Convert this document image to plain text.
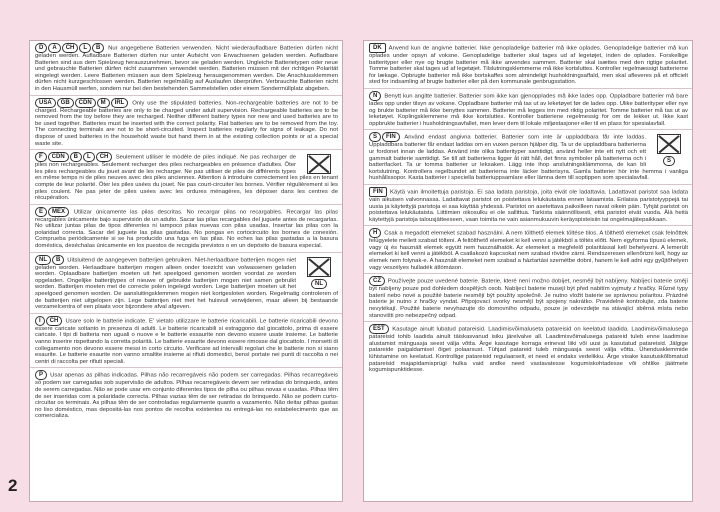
D A CH L B Nur angegebene Batterien verwenden. Nicht wiederaufladbare Batterien dürfen nicht geladen werden. Aufladbare Batterien dürfen nur unter Aufsicht von Erwachsenen geladen werden. Aufladbare Batterien sind aus dem Spielzeug herauszunehmen, bevor sie geladen werden. Ungleiche Batterietypen oder neue und gebrauchte Batterien dürfen nicht zusammen verwendet werden. Batterien müssen mit der richtigen Polarität eingelegt werden. Leere Batterien müssen aus dem Spielzeug herausgenommen werden. Die Anschlussklemmen dürfen nicht kurzgeschlossen werden. Batterien regelmäßig auf Auslaufen überprüfen. Verbrauchte Batterien nicht in den Hausmüll werfen, sondern nur bei den bestehenden Sammelstellen oder einem Sondermüllplatz abgeben.
USA GB CDN M IRL Only use the stipulated batteries. Non-rechargeable batteries are not to be charged. Rechargeable batteries are only to be charged under adult supervision. Rechargeable batteries are to be removed from the toy before they are recharged. Neither different battery types nor new and used batteries are to be used together. Batteries must be inserted with the correct polarity. Flat batteries are to be removed from the toy. The connecting terminals are not to be short-circuited. Inspect batteries regularly for signs of leakage. Do not dispose of used batteries in the household waste but hand them in at the existing collection points or at a special waste site.
F CDN B L CH Seulement utiliser le modèle de piles indiqué. Ne pas recharger de piles non rechargeables. Seulement recharger des piles rechargeables en présence d'adultes. Ôter les piles rechargeables du jouet avant de les recharger. Ne pas utiliser de piles de différents types en même temps ni de piles neuves avec des piles anciennes. Attention à introduire correctement les piles en tenant compte de leur polarité. Ôter les piles usées du jouet. Ne pas court-circuiter les bornes. Vérifier régulièrement si les piles coulent. Ne pas jeter de piles usées avec les ordures ménagères, les déposer dans les centres de récupération.
E MEX Utilizar únicamente las pilas descritas. No recargar pilas no recargables. Recargar las pilas recargables únicamente bajo supervisión de un adulto. Sacar las pilas recargables del juguete antes de recargarlas. No utilizar juntas pilas de tipos diferentes ni tampoco pilas nuevas con pilas usadas. Insertar las pilas con la polaridad correcta. Sacar del juguete las pilas gastadas. No pongas en cortocircuito los bornes de conexión. Comprueba periódicamente si se ha producido una fuga en las pilas. No eches las pilas gastadas a la basura doméstica, deséchalas únicamente en los puestos de recogida previstos o en un depósito de basura especial.
NL
NL B Uitsluitend de aangegeven batterijen gebruiken. Niet-herlaadbare batterijen mogen niet geladen worden. Herlaadbare batterijen mogen alleen onder toezicht van volwassenen geladen worden. Oplaadbare batterijen moeten uit het speelgoed genomen worden voordat ze worden opgeladen. Ongelijke batterijtypes of nieuwe of gebruikte batterijen mogen niet samen gebruikt worden. Batterijen moeten met de correcte polen ingelegd worden. Lege batterijen moeten uit het speelgoed genomen worden. De aansluitingsklemmen mogen niet kortgesloten worden. Regelmatig controleren of de batterijen niet uitgelopen zijn. Lege batterijen niet met het huisvuil verwijderen, maar alleen bij bestaande verzamelcentra of een plaats voor bijzondere afval afgeven.
I CH Usare solo le batterie indicate. E' vietato utilizzare le batterie ricaricabili. Le batterie ricaricabili devono essere caricate soltanto in presenza di adulti. Le batterie ricaricabili si estraggono dal giocattolo, prima di essere caricate. I tipi di batteria non uguali o nuove e le batterie essaurite non devono essere usate insieme. Le batterie vanno inserire rispettando la corretta polarità. Le batterie esaurite devono essere rimosse dal giocattolo. I morsetti di collegamento non devono essere messi in corto circuito. Verificare ad intervalli regolari che le batterie non si siano esaurite. Le batterie esaurite non vanno smaltite insieme ai rifiuti domestici, bensì portate nei punti di raccolta o nei centri di raccolta per rifiuti speciali.
P Usar apenas as pilhas indicadas. Pilhas não recarregáveis não podem ser carregadas. Pilhas recarregáveis só podem ser carregadas sob supervisão de adultos. Pilhas recarregáveis devem ser retiradas do brinquedo, antes de serem carregadas. Não se pode usar em conjunto diferentes tipos de pilha ou pilhas novas e usadas. Pilhas têm de ser inseridas com a polaridade correcta. Pilhas vazias têm de ser retiradas do brinquedo. Não se podem curto-circuitar os terminais. As pilhas têm de ser controladas regularmente quanto a vazamento. Não deitar pilhas gastas no lixo doméstico, mas depositá-las nos pontos de recolha existentes ou entregá-las no estabelecimento que as comercializa.
DK Anvend kun de angivne batterier. Ikke genopladelige batterier må ikke oplades. Genopladelige batterier må kun oplades under opsyn af voksne. Genopladelige batterier skal tages ud af legetøjet, inden de oplades. Forskellige batterityper eller nye og brugte batterier må ikke anvendes sammen. Batterier skal isættes med den rigtige polaritet. Tomme batterier skal tages ud af legetøjet. Tilslutningsklemmerne må ikke kortsluttes. Kontroller regelmæssigt batterierne for lækage. Opbrugte batterier må ikke bortskaffes som almindeligt husholdningsaffald, men skal afleveres på et officielt sted for indsamling af brugte batterier eller på den kommunale genbrugsstation.
N Benytt kun angitte batterier. Batterier som ikke kan gjenopplades må ikke lades opp. Oppladbare batterier må bare lades opp under tilsyn av voksne. Oppladbare batterier må tas ut av leketøyet før de lades opp. Ulike batterityper eller nye og brukte batterier må ikke benyttes sammen. Batterier må legges inn med riktig polaritet. Tomme batterier må tas ut av leketøyet. Koplingsklemmene må ikke kortsluttes. Kontroller batteriene regelmessig for om de lekker ut. Ikke kast oppbrukte batterier i husholdningsavfallet, men lever dem til lokale miljøstasjoner eller til en plass for spesialavfall.
S
S FIN Använd endast angivna batterier. Batterier som inte är uppladdbara får inte laddas. Uppladdbara batterier får endast laddas om en vuxen person hjälper dig. Ta ur de uppladdbara batterierna ur fordonet innan de laddas. Använd inte olika batterityper samtidigt, använd heller inte ett nytt och ett gammalt batterie samtidigt. Se till att batterierna ligger åt rätt håll, det finns symboler på batterierna och i batterifacket. Ta ur tomma batterier ur leksaken. Lägg inte ihop anslutningsklämmorna, de kan bli kortslutning. Kontrollera regelbundet att batterierna inte läcker batterisyra. Gamla batterier hör inte hemma i vanliga hushållssopor. Kasta batterier i speciella batteriuppsamlare eller lämna dem till soptippen som specialavfall.
FIN Käytä vain ilmoitettuja paristoja. Ei saa ladata paristoja, joita eivät ole ladattavia. Ladattavat paristot saa ladata vain aikuisen valvonnassa. Ladattavat paristot on poistettava lelukäutaista ennen lataamista. Erilaisia paristotyyppejä tai uusia ja käytettyjä paristoja ei saa käyttää yhdessä. Paristot on asetettava paikoilleen navat oikein päin. Tyhjät paristot on poistettava lelukäutaista. Liittimien oikosulku ei ole sallittua. Tarkista säännöllisesti, että paristot eivät vuoda. Älä heitä käytettyjä paristoja talousjätteeseen, vaan toimita ne vain asianmukuuvin keräyspisteisiin tai ongelmajätepaikkaan.
H Csak a megadott elemeket szabad használni. A nem tölthető elemek töltése tilos. A tölthető elemeket csak felnőttek felügyelete mellett szabad tölteni. A feltölthető elemeket ki kell venni a játékból a töltés előtt. Nem egyforma típusú elemek, vagy új és használt elemek együtt nem használhatók. Az elemeket a megfelelő polaritással kell behelyezni. A lemerült elemeket ki kell venni a játékból. A csatlakozó kapcsokat nem szabad rövidre zárni. Rendszeresen ellenőrizni kell, hogy az elemek nem folynak-e. A használt elemeket nem szabad a háztartási szemétbe dobni, hanem le kell adni egy gyűjtőhelyen vagy veszélyes hulladék átlómáson.
CZ Používejte pouze uvedené baterie. Baterie, které není možno dobíjet, nesmějí být nabíjeny. Nabíjecí baterie smějí být nabíjeny pouze pod dohledem dospělých osob. Nabíjecí baterie musejí být před nabitím vyjmuty z hračky. Různé typy baterií nebo nové a použité baterie nesmějí být použity společně. Je nutno vložit baterie se správnou polaritou. Prázdné baterie je nutno z hračky vyndat. Připojovací svorky nesmějí být spojeny nakrátko. Pravidelně kontrolujte, zda baterie nevytékají. Použité baterie nevyhazujte do domovního odpadu, pouze je odevzdejte na stávající sběrná místa nebo stanovišti pro nebezpečný odpad.
EST Kasutage ainult lubatud patareisid. Laadimisvõimaluseta patareisid on keelatud laadida. Laadimisvõimalusega patareisid tohib laadida ainult täiskasvanud isiku järelvalve all. Laadimisvõimalusega patareid tuleb enne laadimise alustamist mänguasja seest välja võtta. Ärge kasutage korraga erinevat liiki või uusi ja kasutatud patareisid. Jälgige patareide paigaldamisel õiget polaarsust. Tühjad patareid tuleb mänguasja seest välja võtta. Ühendusklemmide lühistamine on keelatud. Kontrollige patareisid regulaarselt, et need ei endaks vedelikku. Ärge visake kasutuskõlbmatud patareisid majapidamisprügi hulka vaid andke need vastavatesse kogumiskohtadesse või ohtlike jäätmete kogumispunktidesse.
2
